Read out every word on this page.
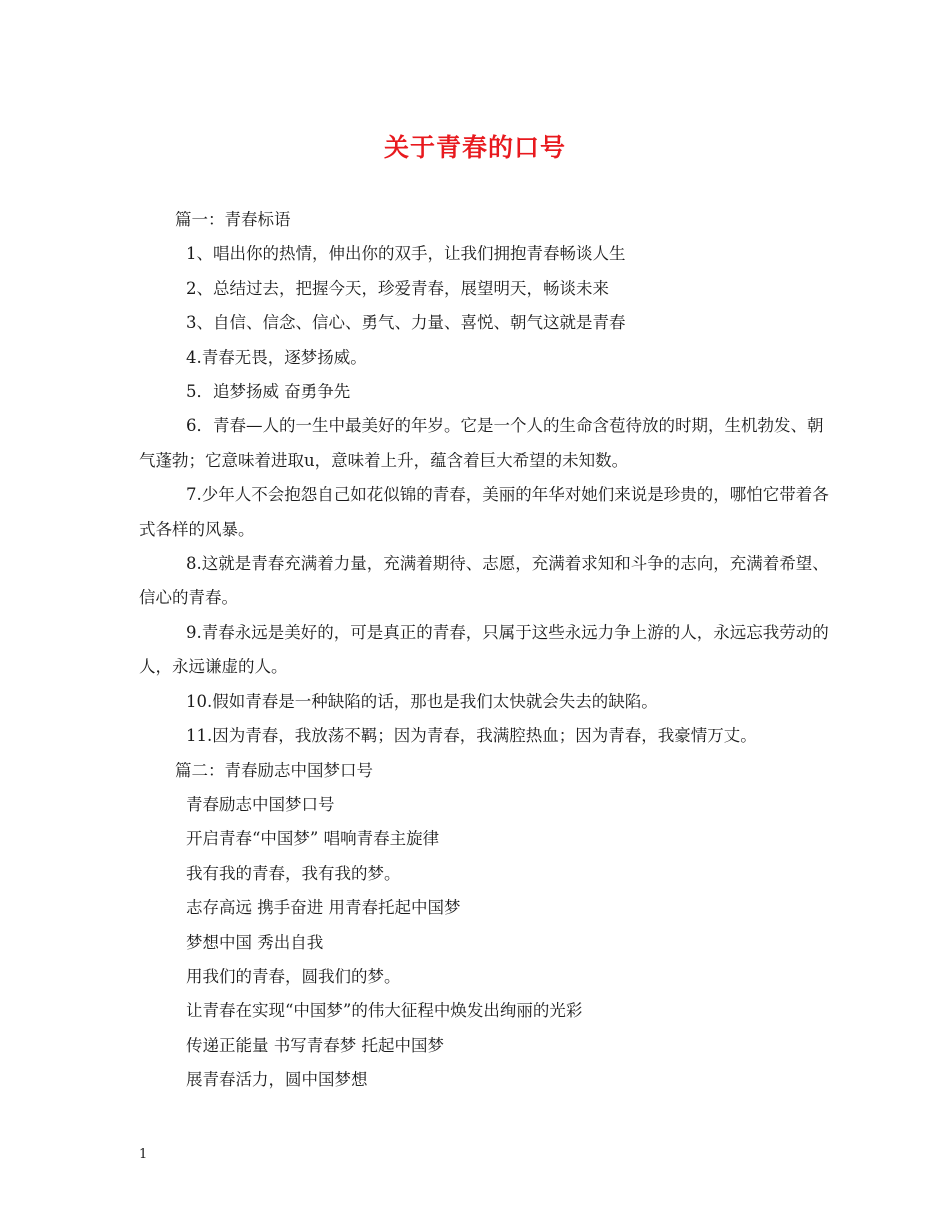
关于青春的口号

篇一：青春标语

1、唱出你的热情，伸出你的双手，让我们拥抱青春畅谈人生

2、总结过去，把握今天，珍爱青春，展望明天，畅谈未来

3、自信、信念、信心、勇气、力量、喜悦、朝气这就是青春

4.青春无畏，逐梦扬威。

5．追梦扬威 奋勇争先

6．青春—人的一生中最美好的年岁。它是一个人的生命含苞待放的时期，生机勃发、朝气蓬勃；它意味着进取u，意味着上升，蕴含着巨大希望的未知数。

7.少年人不会抱怨自己如花似锦的青春，美丽的年华对她们来说是珍贵的，哪怕它带着各式各样的风暴。

8.这就是青春充满着力量，充满着期待、志愿，充满着求知和斗争的志向，充满着希望、信心的青春。

9.青春永远是美好的，可是真正的青春，只属于这些永远力争上游的人，永远忘我劳动的人，永远谦虚的人。

10.假如青春是一种缺陷的话，那也是我们太快就会失去的缺陷。

11.因为青春，我放荡不羁；因为青春，我满腔热血；因为青春，我豪情万丈。

篇二：青春励志中国梦口号

青春励志中国梦口号

开启青春“中国梦” 唱响青春主旋律

我有我的青春，我有我的梦。

志存高远 携手奋进 用青春托起中国梦

梦想中国 秀出自我

用我们的青春，圆我们的梦。

让青春在实现“中国梦”的伟大征程中焕发出绚丽的光彩

传递正能量 书写青春梦 托起中国梦

展青春活力，圆中国梦想

1
